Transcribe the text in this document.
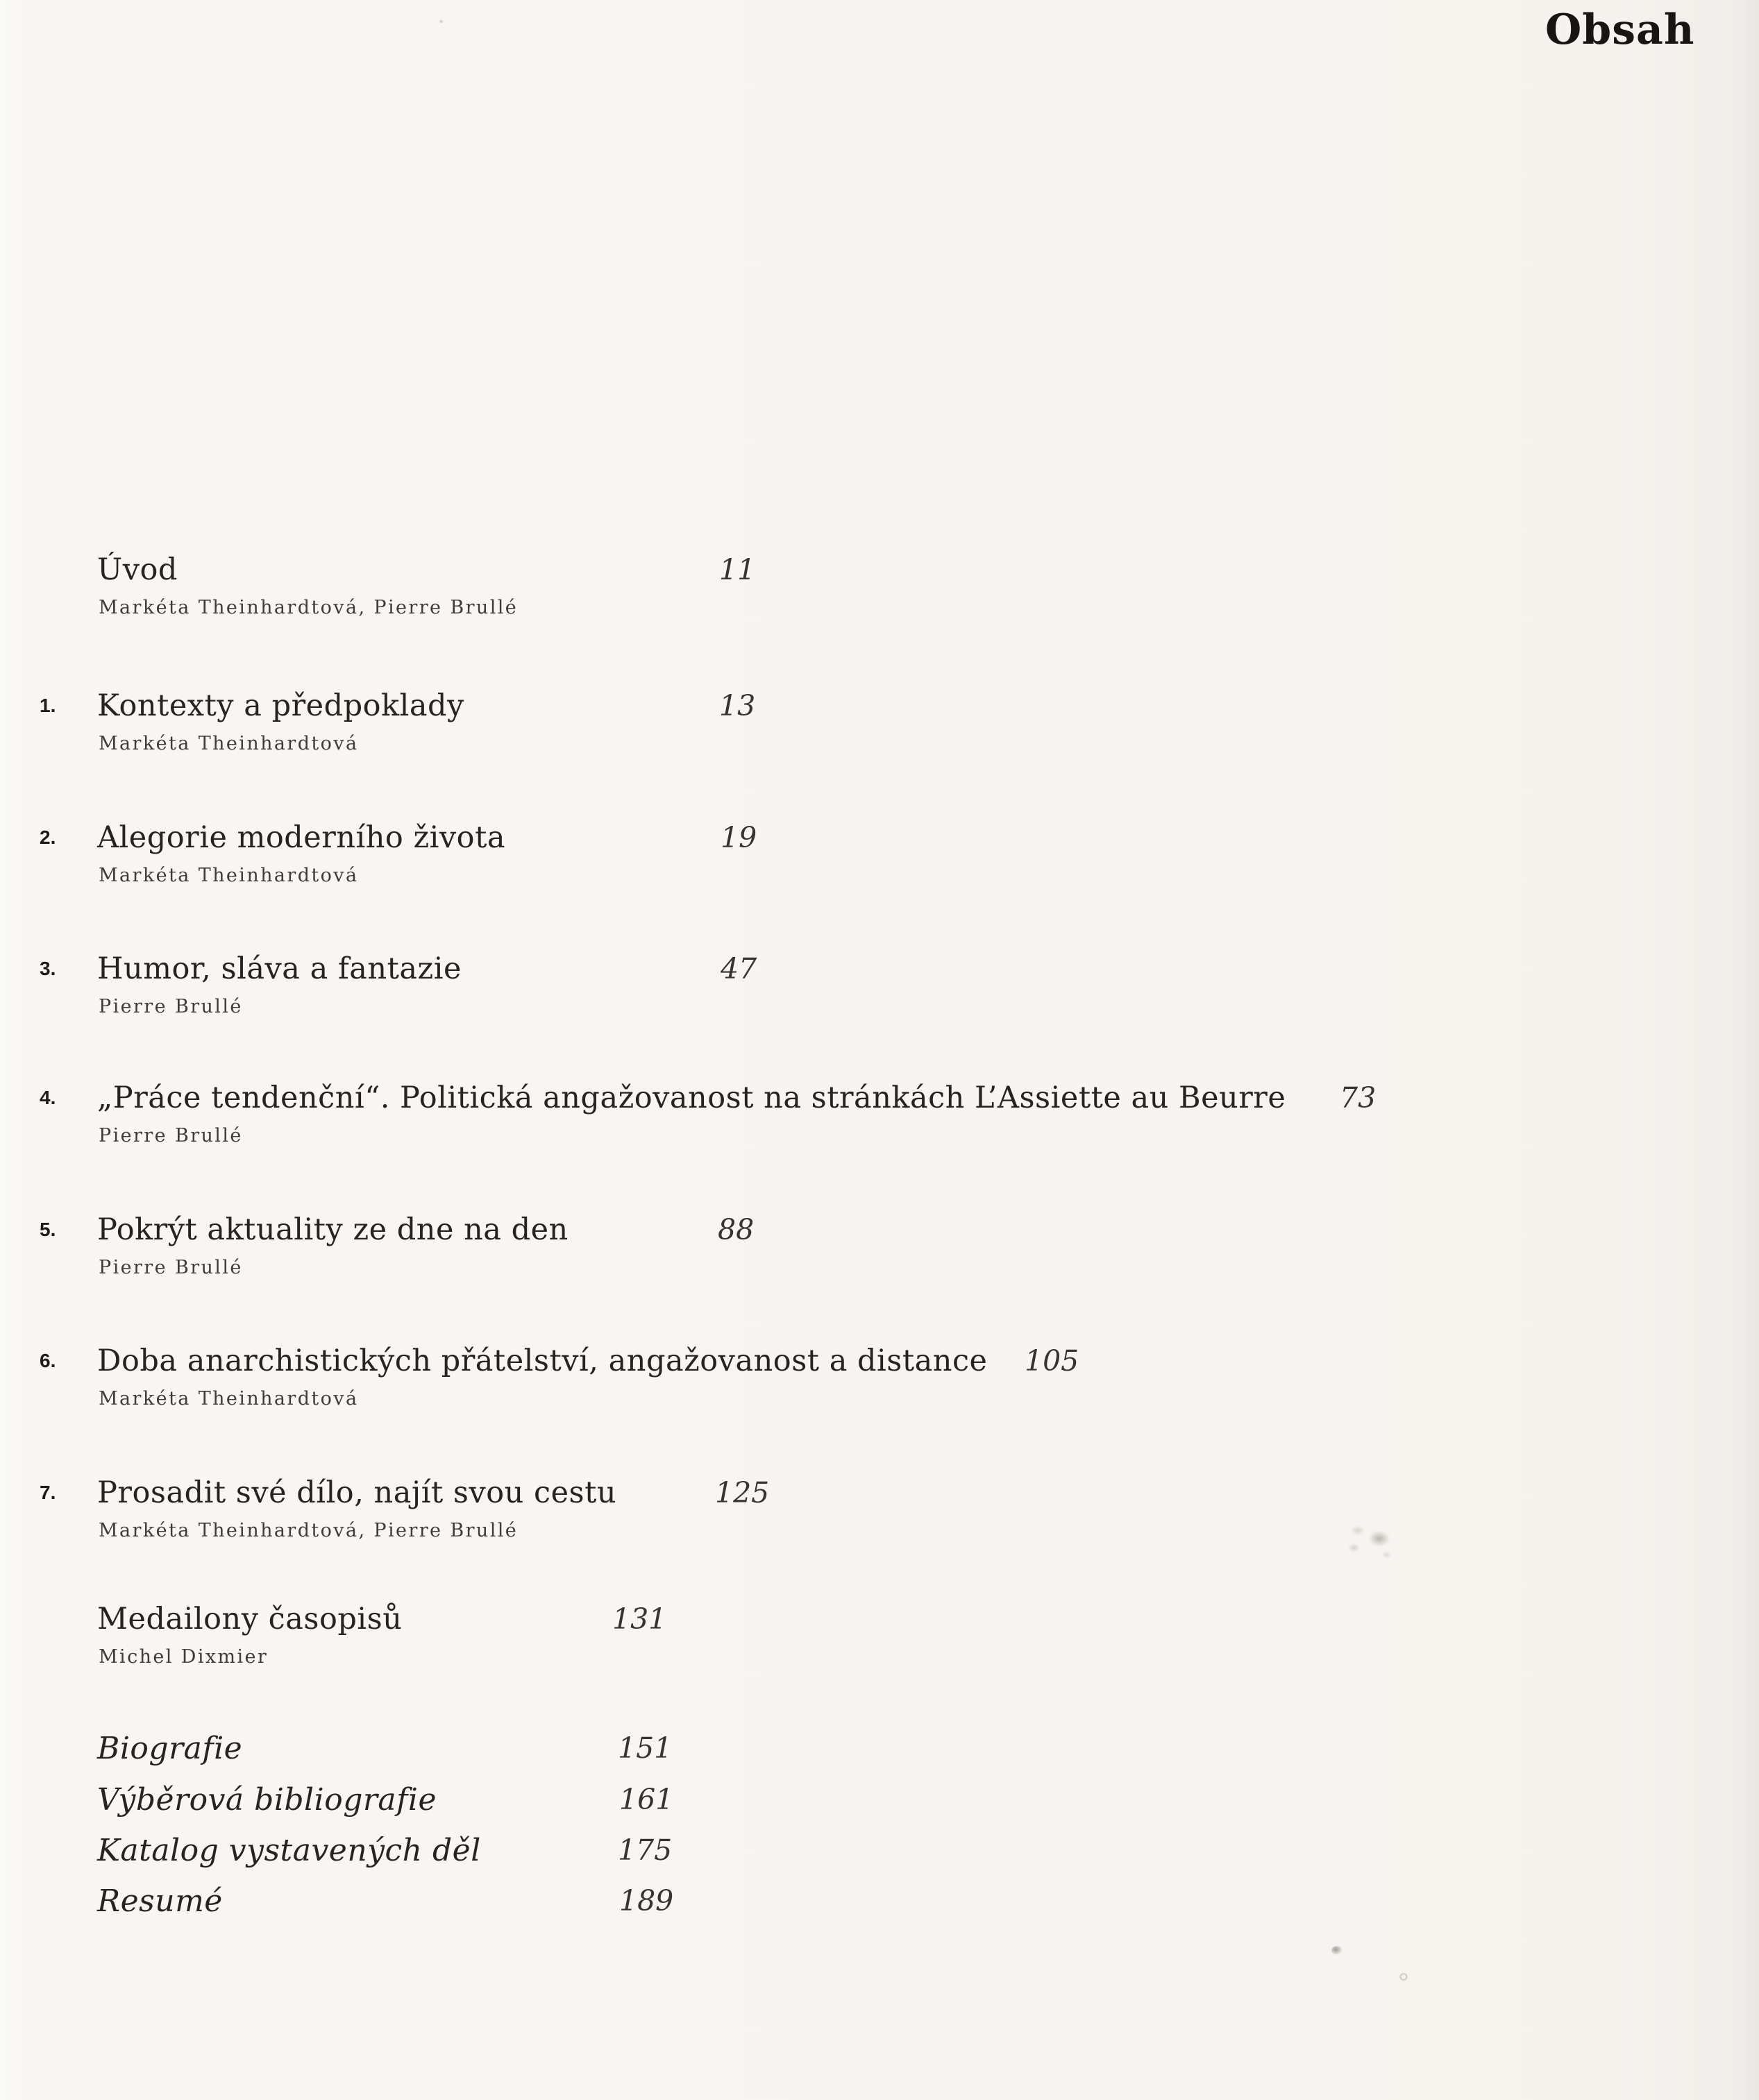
Obsah
Úvod	11
Markéta Theinhardtová, Pierre Brullé
1. Kontexty a předpoklady	13
Markéta Theinhardtová
2. Alegorie moderního života	19
Markéta Theinhardtová
3. Humor, sláva a fantazie	47
Pierre Brullé
4. „Práce tendenční“. Politická angažovanost na stránkách L’Assiette au Beurre 73
Pierre Brullé
5. Pokrýt aktuality ze dne na den	88
Pierre Brullé
6. Doba anarchistických přátelství, angažovanost a distance 105
Markéta Theinhardtová
7. Prosadit své dílo, najít svou cestu	125
Markéta Theinhardtová, Pierre Brullé
Medailony časopisů	131
Michel Dixmier
Biografie	151
Výběrová bibliografie	161
Katalog vystavených děl	175
Resumé	189
